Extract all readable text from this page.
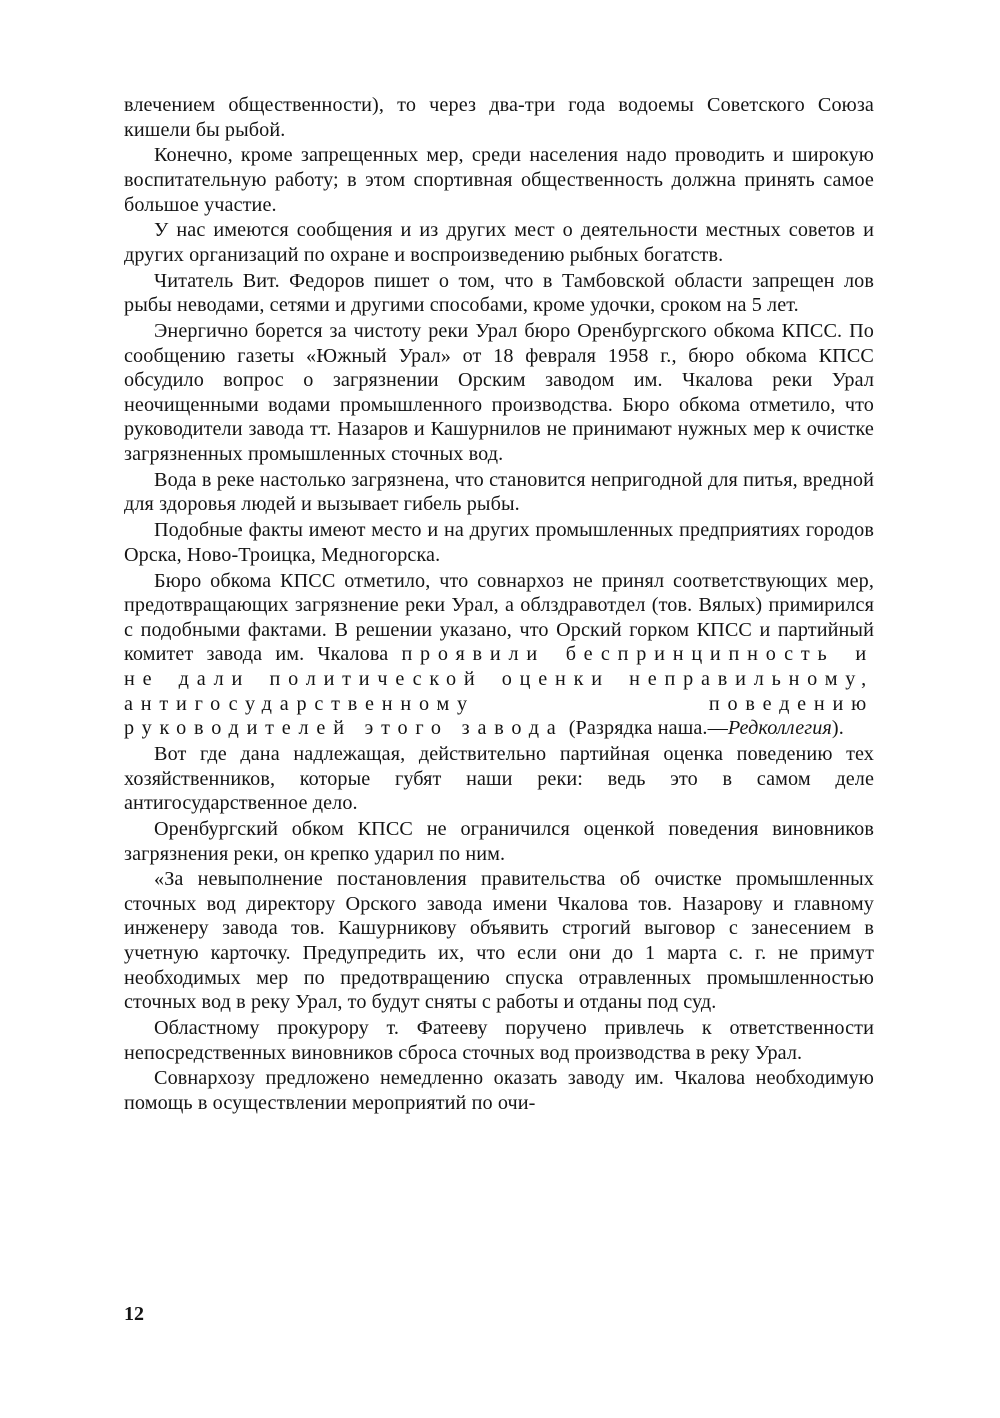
влечением общественности), то через два-три года водоемы Советского Союза кишели бы рыбой.

Конечно, кроме запрещенных мер, среди населения надо проводить и широкую воспитательную работу; в этом спортивная общественность должна принять самое большое участие.

У нас имеются сообщения и из других мест о деятельности местных советов и других организаций по охране и воспроизведению рыбных богатств.

Читатель Вит. Федоров пишет о том, что в Тамбовской области запрещен лов рыбы неводами, сетями и другими способами, кроме удочки, сроком на 5 лет.

Энергично борется за чистоту реки Урал бюро Оренбургского обкома КПСС. По сообщению газеты «Южный Урал» от 18 февраля 1958 г., бюро обкома КПСС обсудило вопрос о загрязнении Орским заводом им. Чкалова реки Урал неочищенными водами промышленного производства. Бюро обкома отметило, что руководители завода тт. Назаров и Кашурнилов не принимают нужных мер к очистке загрязненных промышленных сточных вод.

Вода в реке настолько загрязнена, что становится непригодной для питья, вредной для здоровья людей и вызывает гибель рыбы.

Подобные факты имеют место и на других промышленных предприятиях городов Орска, Ново-Троицка, Медногорска.

Бюро обкома КПСС отметило, что совнархоз не принял соответствующих мер, предотвращающих загрязнение реки Урал, а облздравотдел (тов. Вялых) примирился с подобными фактами. В решении указано, что Орский горком КПСС и партийный комитет завода им. Чкалова проявили беспринципность и не дали политической оценки неправильному, антигосударственному поведению руководителей этого завода (Разрядка наша.—Редколлегия).

Вот где дана надлежащая, действительно партийная оценка поведению тех хозяйственников, которые губят наши реки: ведь это в самом деле антигосударственное дело.

Оренбургский обком КПСС не ограничился оценкой поведения виновников загрязнения реки, он крепко ударил по ним.

«За невыполнение постановления правительства об очистке промышленных сточных вод директору Орского завода имени Чкалова тов. Назарову и главному инженеру завода тов. Кашурникову объявить строгий выговор с занесением в учетную карточку. Предупредить их, что если они до 1 марта с. г. не примут необходимых мер по предотвращению спуска отравленных промышленностью сточных вод в реку Урал, то будут сняты с работы и отданы под суд.

Областному прокурору т. Фатееву поручено привлечь к ответственности непосредственных виновников сброса сточных вод производства в реку Урал.

Совнархозу предложено немедленно оказать заводу им. Чкалова необходимую помощь в осуществлении мероприятий по очи-

12
